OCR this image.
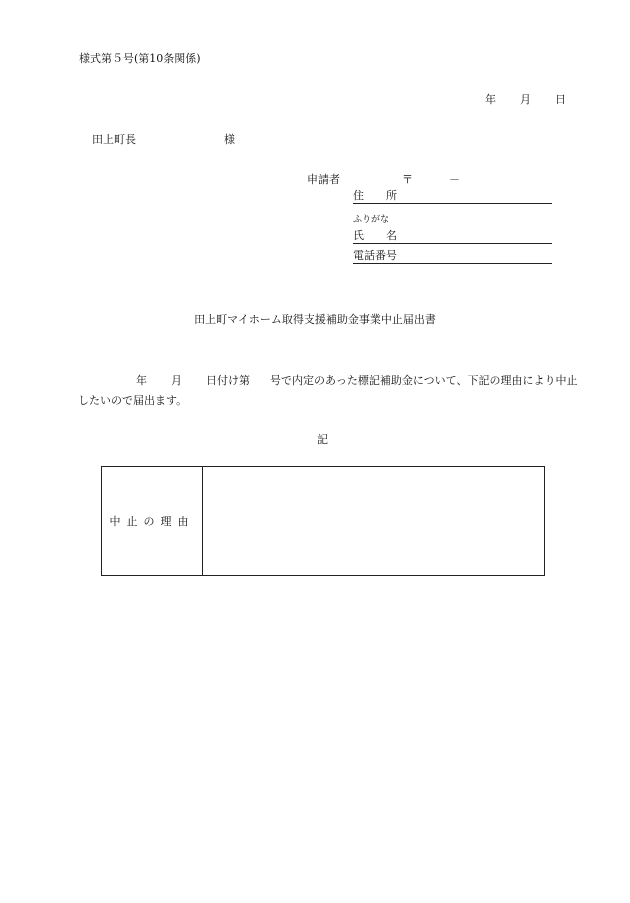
様式第５号(第10条関係)
年 月 日
田上町長	様
申請者	〒	－
住　　所
ふりがな
氏　　名
電話番号
田上町マイホーム取得支援補助金事業中止届出書
年 月 日付け第 号で内定のあった標記補助金について、下記の理由により中止したいので届出ます。
記
中止の理由
